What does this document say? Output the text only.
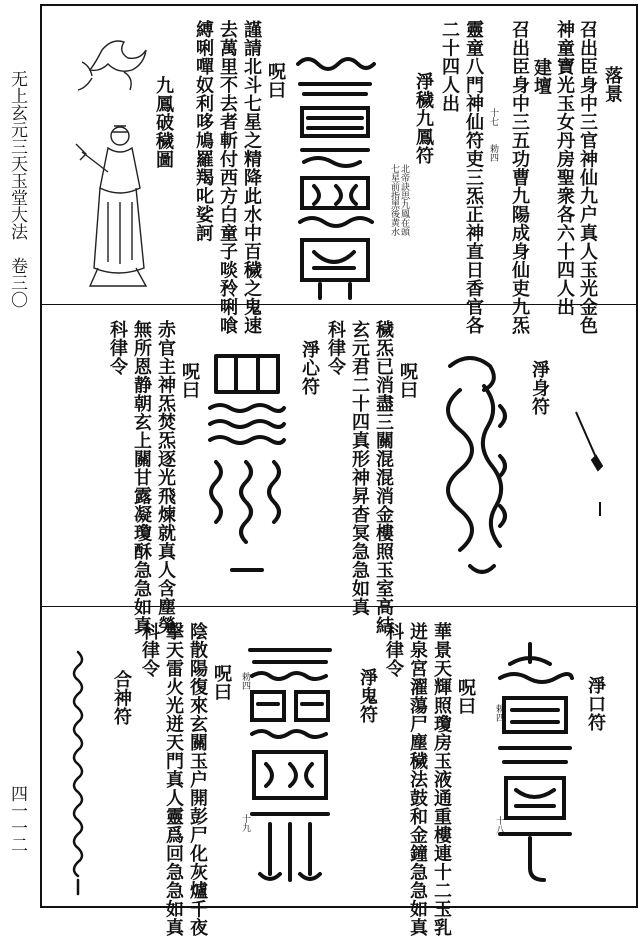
无上玄元三天玉堂大法　卷三〇
四一一二
落景
召出臣身中三官神仙九户真人玉光金色
神童寶光玉女丹房聖衆各六十四人出
建壇
召出臣身中三五功曹九陽成身仙吏九炁
十七
勅四
靈童八門神仙符吏三炁正神直日香官各
二十四人出
淨穢九鳳符
北帝訣思九鳳在頭
七星前指黑後黄水
呪曰
謹請北斗七星之精降此水中百穢之鬼速
去萬里不去者斬付西方白童子啖矝唎喰
縛唎嘽奴利哆鳩羅羯叱娑訶
九鳳破穢圖
淨身符
呪曰
穢炁已消盡三關混混消金樓照玉室高結
玄元君二十四真形神昇杳冥急急如真
科律令
淨心符
呪曰
赤官主神炁焚炁逐光飛煉就真人含塵勞
無所恩静朝玄上關甘露凝瓊酥急急如真
科律令
淨口符
勅四
十八
呪曰
華景天輝照瓊房玉液通重樓連十二玉乳
迸泉宮濯蕩尸塵穢法鼓和金鐘急急如真
科律令
淨鬼符
勅四
十九
呪曰
陰散陽復來玄關玉户開彭尸化灰爐千夜
擊天雷火光迸天門真人靈爲回急急如真
科律令
合神符
